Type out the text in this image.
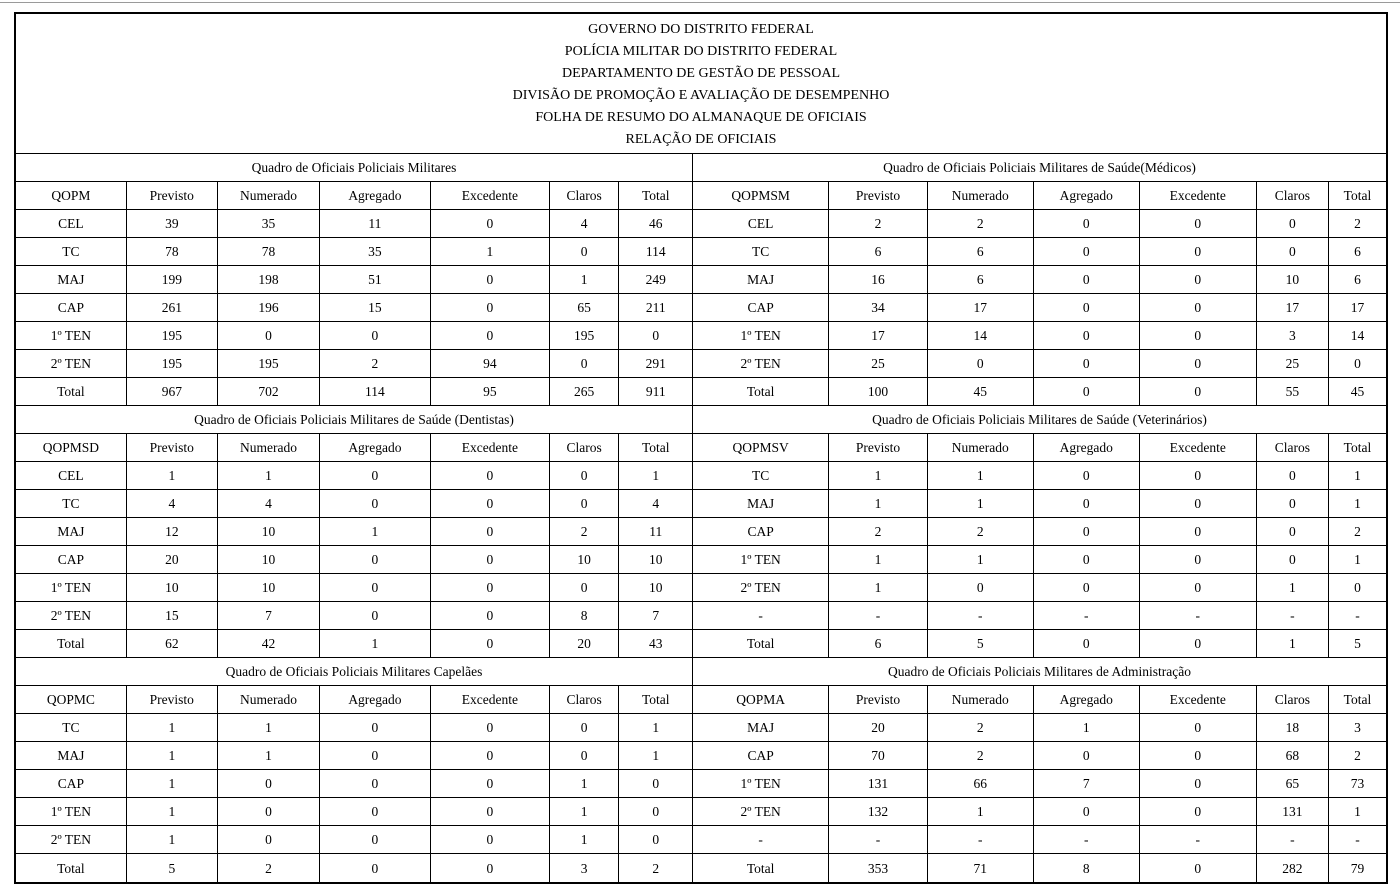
GOVERNO DO DISTRITO FEDERAL
POLÍCIA MILITAR DO DISTRITO FEDERAL
DEPARTAMENTO DE GESTÃO DE PESSOAL
DIVISÃO DE PROMOÇÃO E AVALIAÇÃO DE DESEMPENHO
FOLHA DE RESUMO DO ALMANAQUE DE OFICIAIS
RELAÇÃO DE OFICIAIS
Quadro de Oficiais Policiais Militares						
QOPM	Previsto	Numerado	Agregado	Excedente	Claros	Total
CEL	39	35	11	0	4	46
TC	78	78	35	1	0	114
MAJ	199	198	51	0	1	249
CAP	261	196	15	0	65	211
1º TEN	195	0	0	0	195	0
2º TEN	195	195	2	94	0	291
Total	967	702	114	95	265	911
Quadro de Oficiais Policiais Militares de Saúde(Médicos)						
QOPMSM	Previsto	Numerado	Agregado	Excedente	Claros	Total
CEL	2	2	0	0	0	2
TC	6	6	0	0	0	6
MAJ	16	6	0	0	10	6
CAP	34	17	0	0	17	17
1º TEN	17	14	0	0	3	14
2º TEN	25	0	0	0	25	0
Total	100	45	0	0	55	45
Quadro de Oficiais Policiais Militares de Saúde (Dentistas)						
QOPMSD	Previsto	Numerado	Agregado	Excedente	Claros	Total
CEL	1	1	0	0	0	1
TC	4	4	0	0	0	4
MAJ	12	10	1	0	2	11
CAP	20	10	0	0	10	10
1º TEN	10	10	0	0	0	10
2º TEN	15	7	0	0	8	7
Total	62	42	1	0	20	43
Quadro de Oficiais Policiais Militares de Saúde (Veterinários)						
QOPMSV	Previsto	Numerado	Agregado	Excedente	Claros	Total
TC	1	1	0	0	0	1
MAJ	1	1	0	0	0	1
CAP	2	2	0	0	0	2
1º TEN	1	1	0	0	0	1
2º TEN	1	0	0	0	1	0
-	-	-	-	-	-	-
Total	6	5	0	0	1	5
Quadro de Oficiais Policiais Militares Capelães						
QOPMC	Previsto	Numerado	Agregado	Excedente	Claros	Total
TC	1	1	0	0	0	1
MAJ	1	1	0	0	0	1
CAP	1	0	0	0	1	0
1º TEN	1	0	0	0	1	0
2º TEN	1	0	0	0	1	0
Total	5	2	0	0	3	2
Quadro de Oficiais Policiais Militares de Administração						
QOPMA	Previsto	Numerado	Agregado	Excedente	Claros	Total
MAJ	20	2	1	0	18	3
CAP	70	2	0	0	68	2
1º TEN	131	66	7	0	65	73
2º TEN	132	1	0	0	131	1
-	-	-	-	-	-	-
Total	353	71	8	0	282	79
